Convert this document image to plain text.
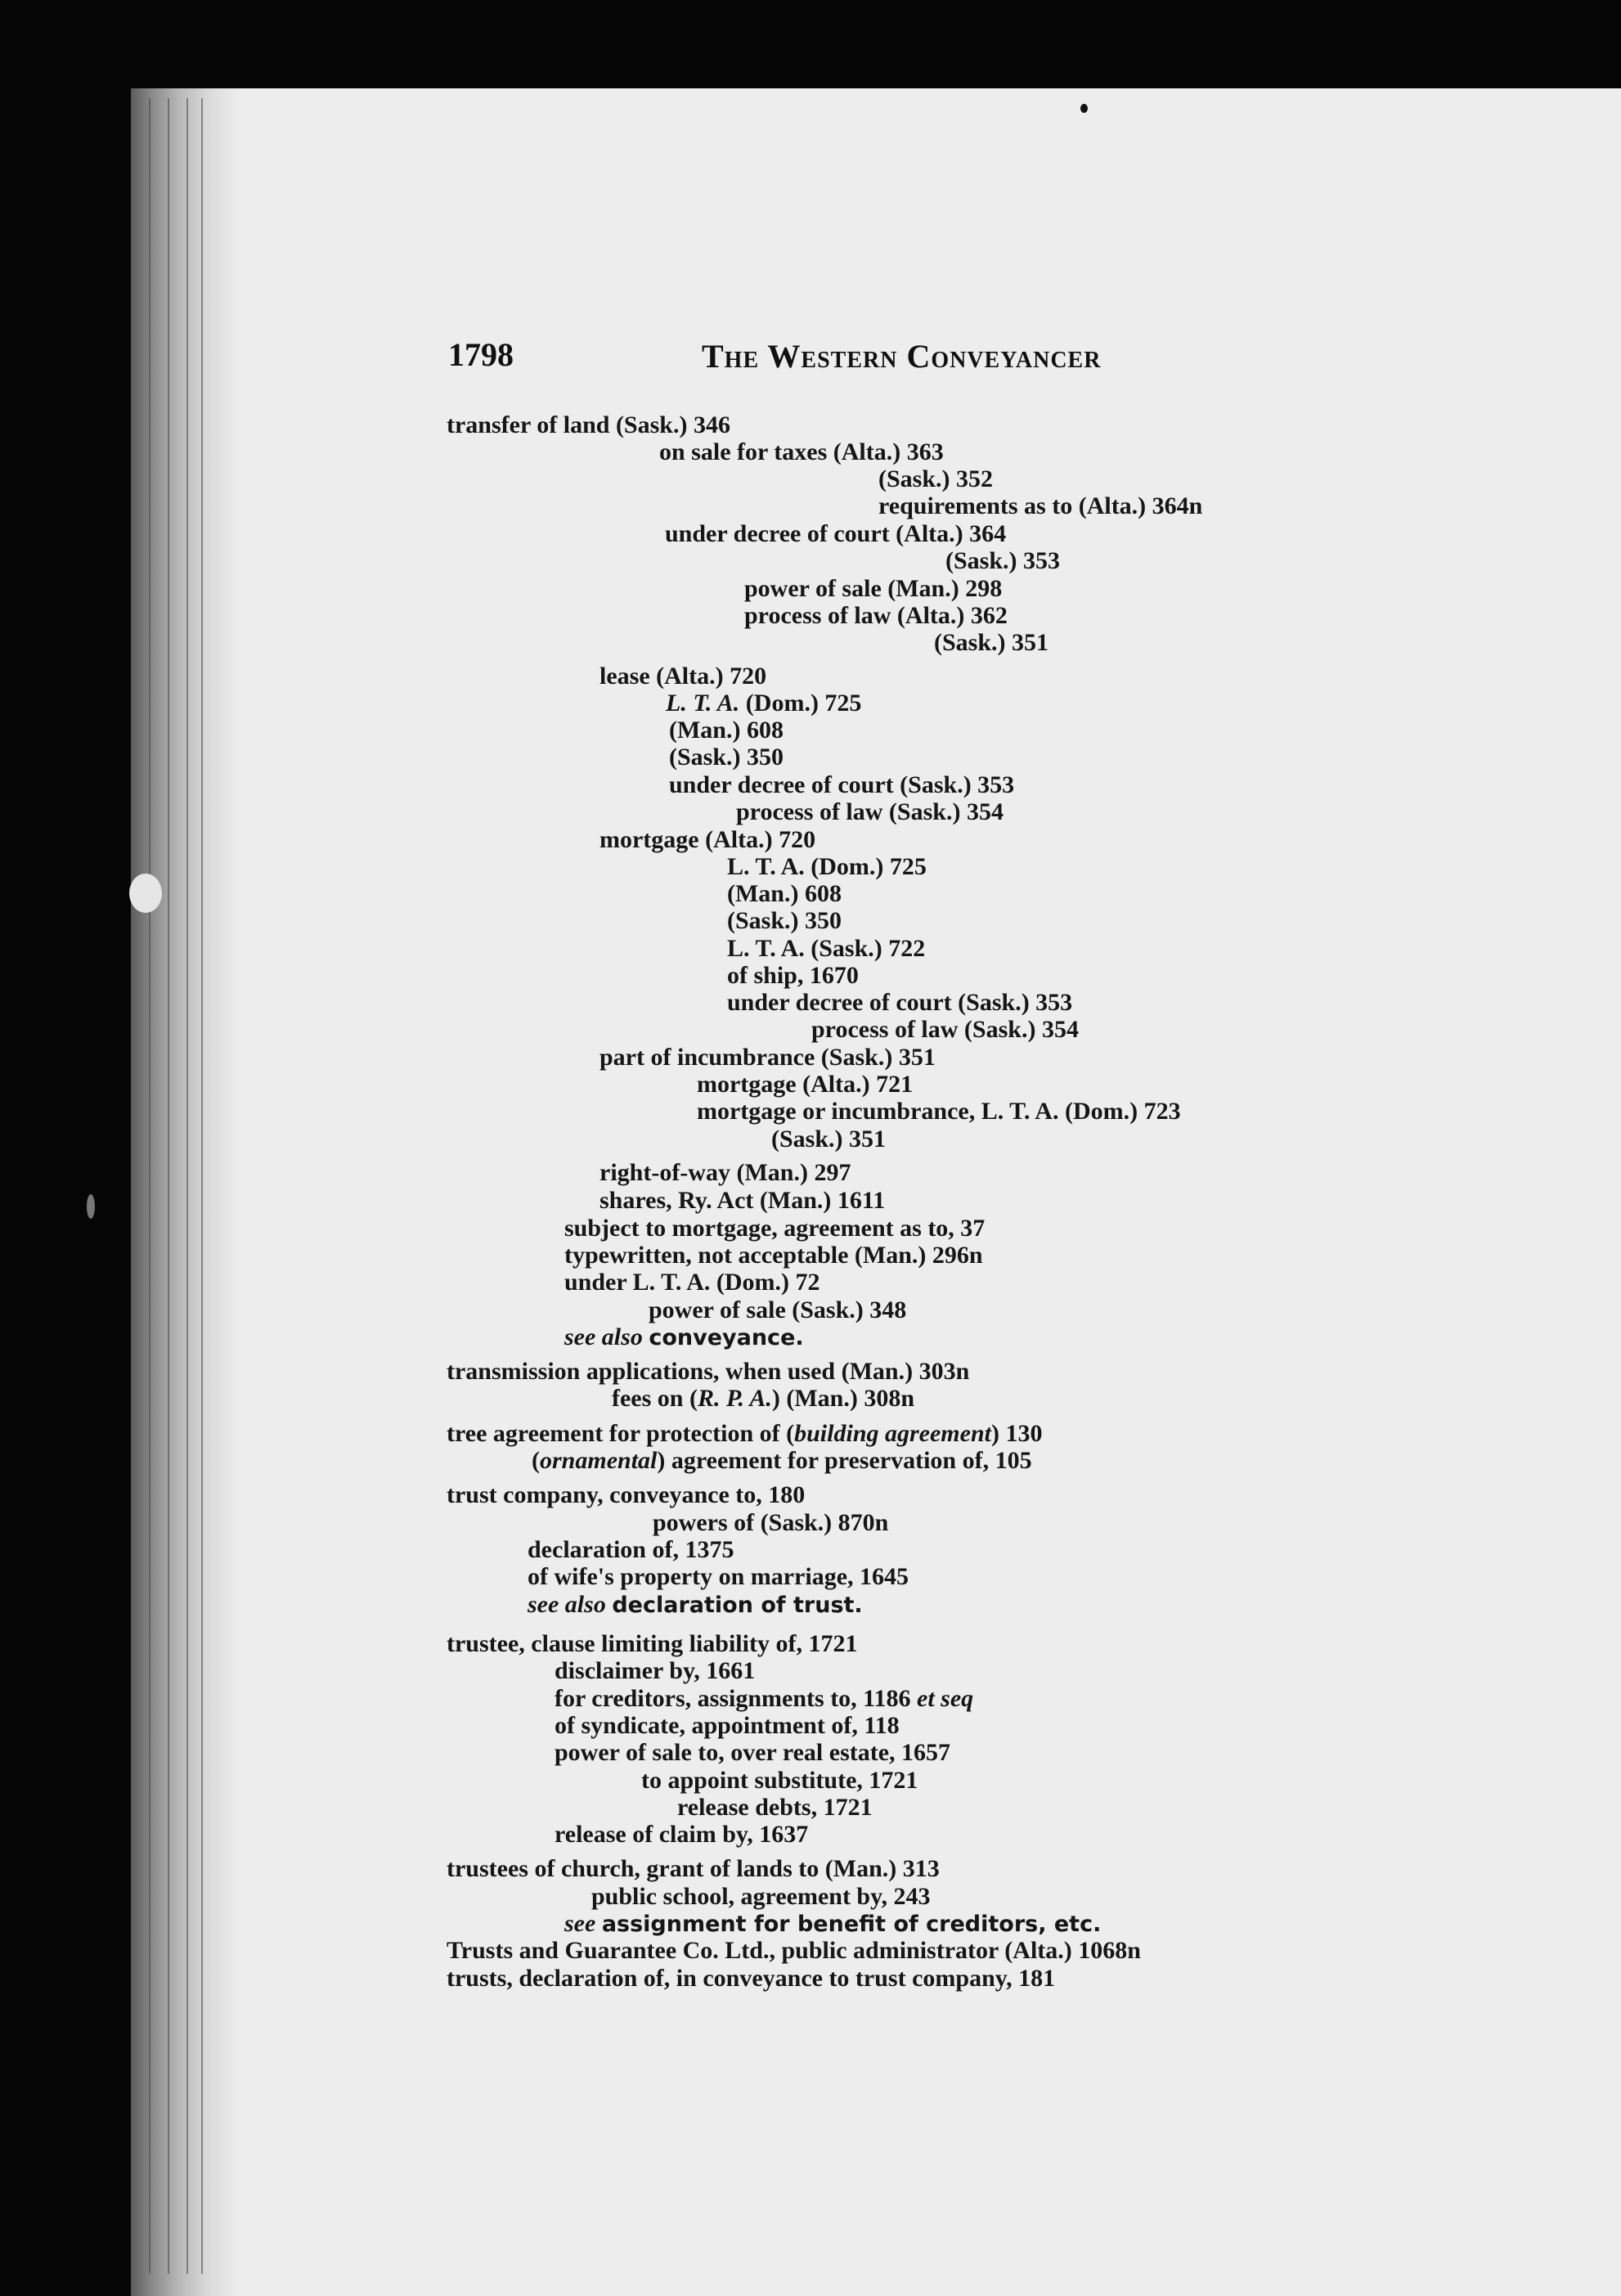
1798	The Western Conveyancer
transfer of land (Sask.) 346
on sale for taxes (Alta.) 363
(Sask.) 352
requirements as to (Alta.) 364n
under decree of court (Alta.) 364
(Sask.) 353
power of sale (Man.) 298
process of law (Alta.) 362
(Sask.) 351
lease (Alta.) 720
L. T. A. (Dom.) 725
(Man.) 608
(Sask.) 350
under decree of court (Sask.) 353
process of law (Sask.) 354
mortgage (Alta.) 720
L. T. A. (Dom.) 725
(Man.) 608
(Sask.) 350
L. T. A. (Sask.) 722
of ship, 1670
under decree of court (Sask.) 353
process of law (Sask.) 354
part of incumbrance (Sask.) 351
mortgage (Alta.) 721
mortgage or incumbrance, L. T. A. (Dom.) 723
(Sask.) 351
right-of-way (Man.) 297
shares, Ry. Act (Man.) 1611
subject to mortgage, agreement as to, 37
typewritten, not acceptable (Man.) 296n
under L. T. A. (Dom.) 72
power of sale (Sask.) 348
see also conveyance.
transmission applications, when used (Man.) 303n
fees on (R. P. A.) (Man.) 308n
tree agreement for protection of (building agreement) 130
(ornamental) agreement for preservation of, 105
trust company, conveyance to, 180
powers of (Sask.) 870n
declaration of, 1375
of wife's property on marriage, 1645
see also declaration of trust.
trustee, clause limiting liability of, 1721
disclaimer by, 1661
for creditors, assignments to, 1186 et seq
of syndicate, appointment of, 118
power of sale to, over real estate, 1657
to appoint substitute, 1721
release debts, 1721
release of claim by, 1637
trustees of church, grant of lands to (Man.) 313
public school, agreement by, 243
see assignment for benefit of creditors, etc.
Trusts and Guarantee Co. Ltd., public administrator (Alta.) 1068n
trusts, declaration of, in conveyance to trust company, 181
